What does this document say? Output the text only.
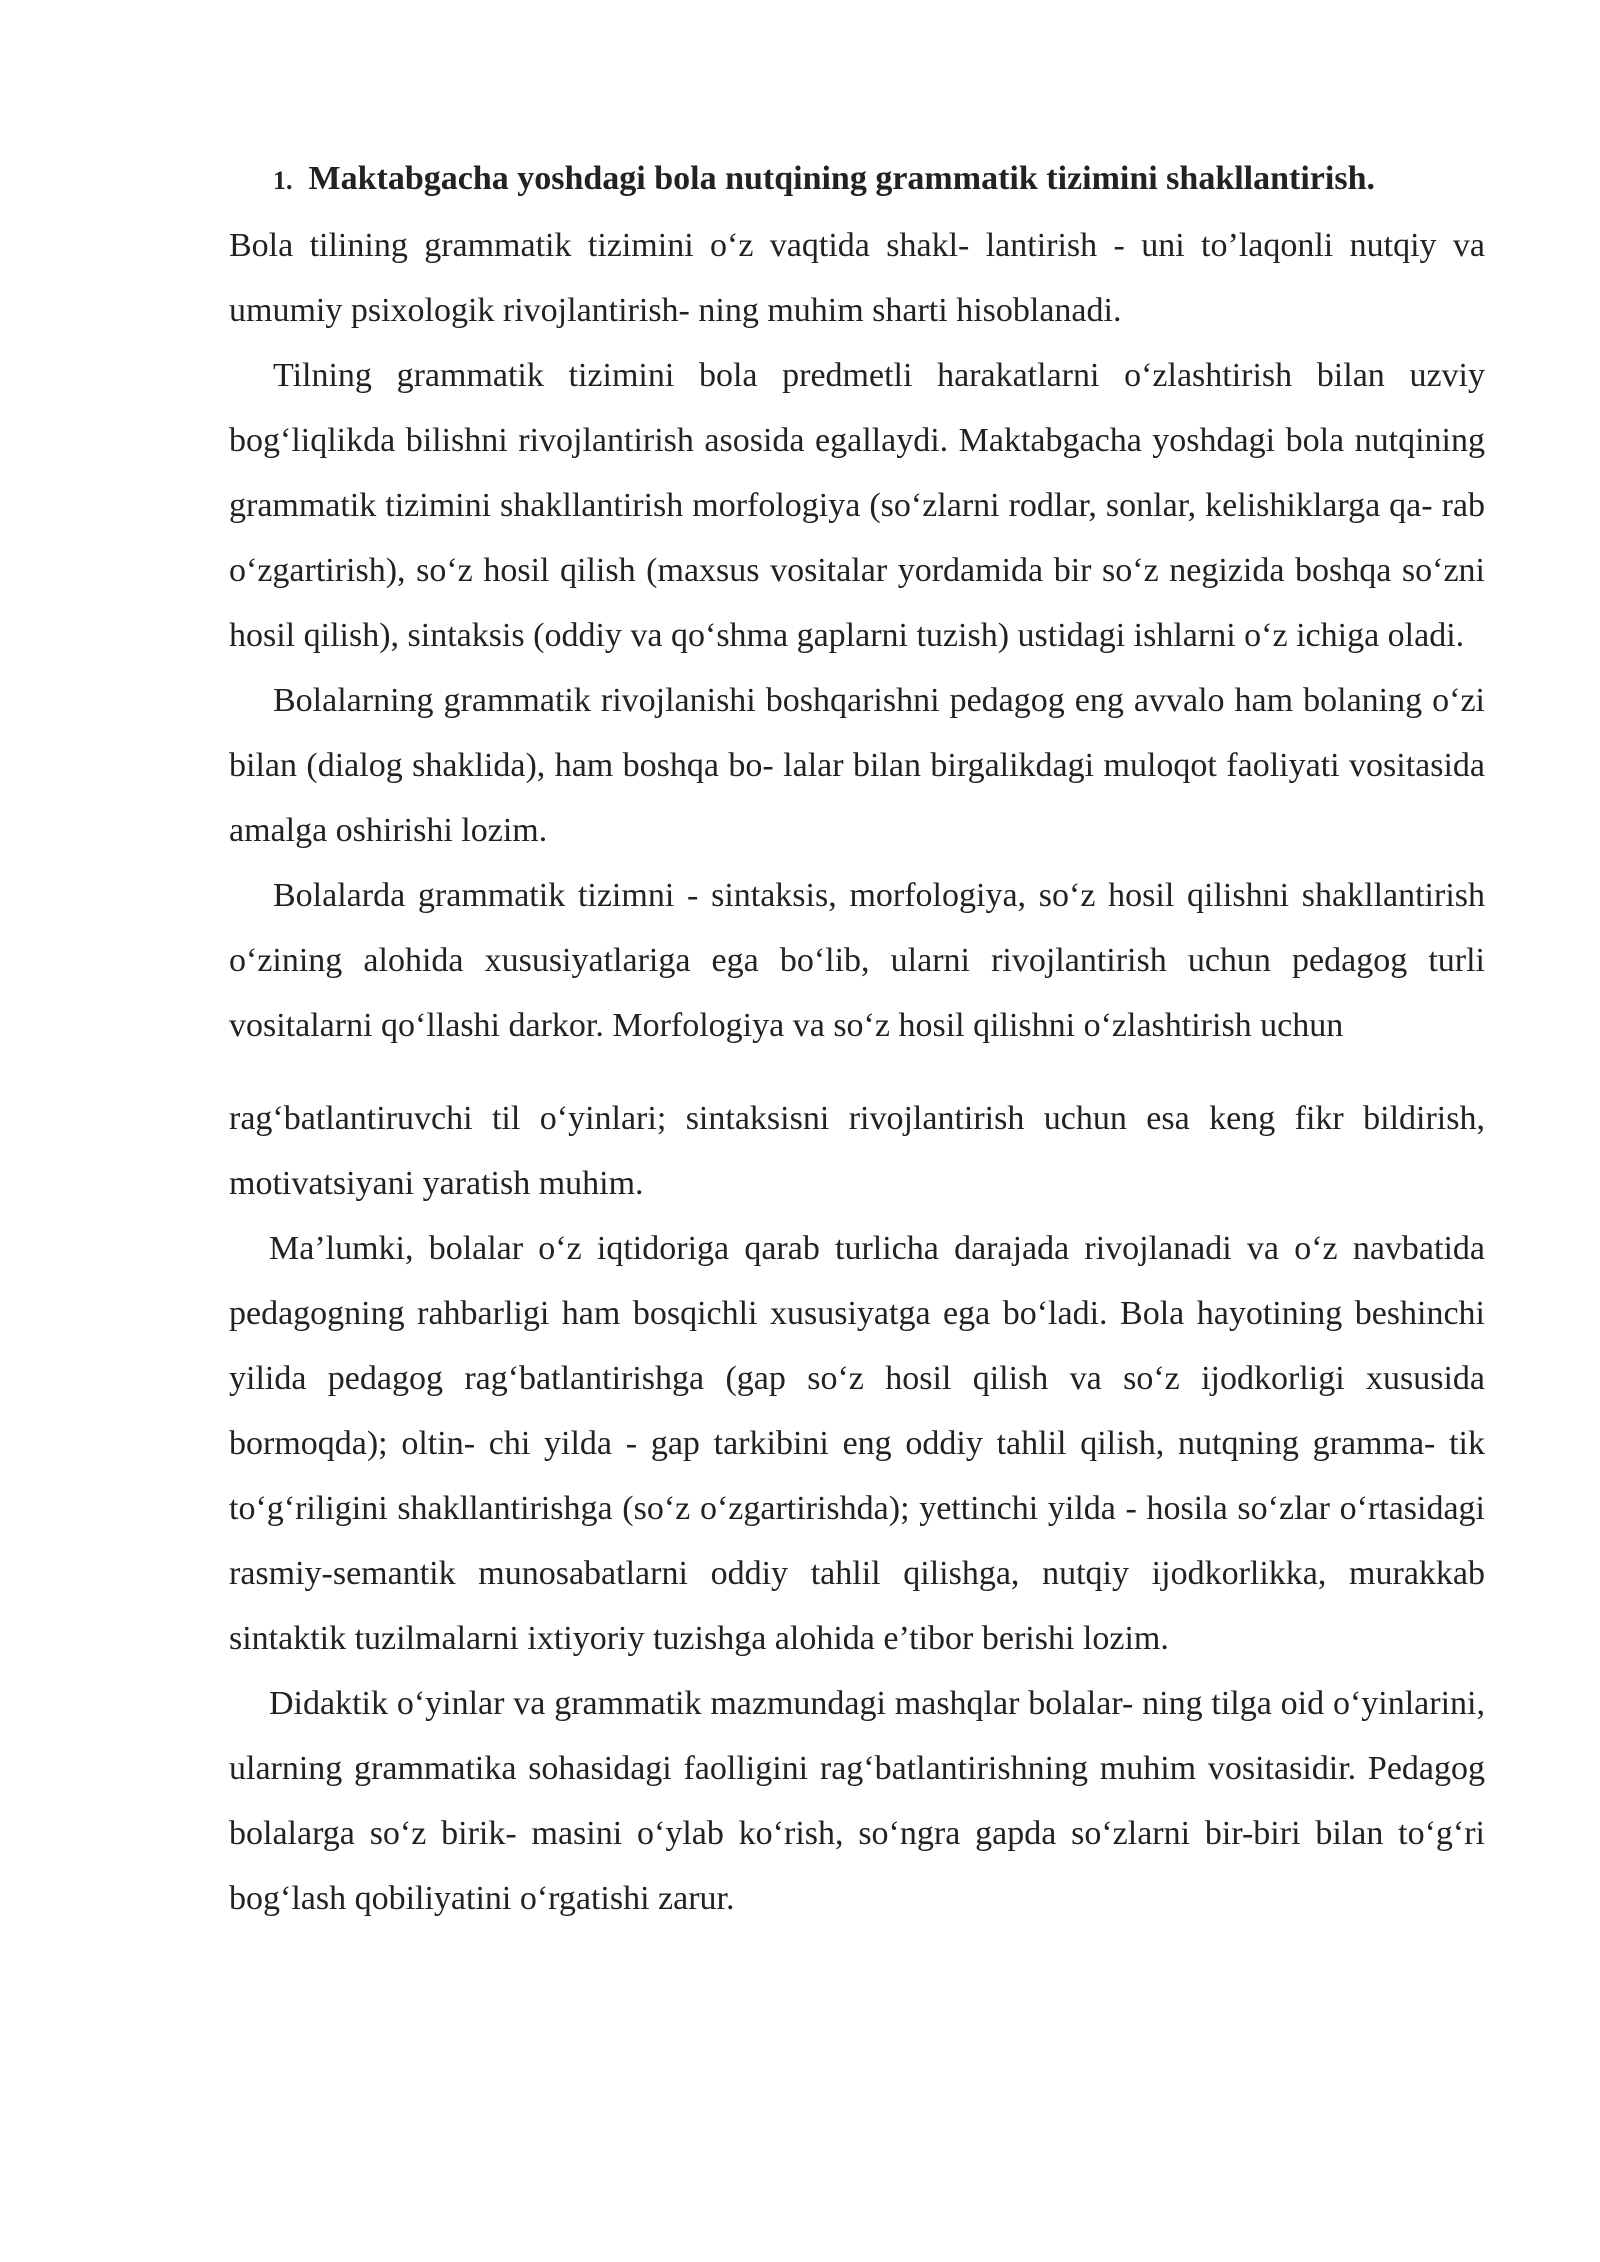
1. Maktabgacha yoshdagi bola nutqining grammatik tizimini shakllantirish.

Bola tilining grammatik tizimini o‘z vaqtida shakl- lantirish - uni to’laqonli nutqiy va umumiy psixologik rivojlantirish- ning muhim sharti hisoblanadi.

Tilning grammatik tizimini bola predmetli harakatlarni o‘zlashtirish bilan uzviy bog‘liqlikda bilishni rivojlantirish asosida egallaydi. Maktabgacha yoshdagi bola nutqining grammatik tizimini shakllantirish morfologiya (so‘zlarni rodlar, sonlar, kelishiklarga qa- rab o‘zgartirish), so‘z hosil qilish (maxsus vositalar yordamida bir so‘z negizida boshqa so‘zni hosil qilish), sintaksis (oddiy va qo‘shma gaplarni tuzish) ustidagi ishlarni o‘z ichiga oladi.

Bolalarning grammatik rivojlanishi boshqarishni pedagog eng avvalo ham bolaning o‘zi bilan (dialog shaklida), ham boshqa bo- lalar bilan birgalikdagi muloqot faoliyati vositasida amalga oshirishi lozim.

Bolalarda grammatik tizimni - sintaksis, morfologiya, so‘z hosil qilishni shakllantirish o‘zining alohida xususiyatlariga ega bo‘lib, ularni rivojlantirish uchun pedagog turli vositalarni qo‘llashi darkor. Morfologiya va so‘z hosil qilishni o‘zlashtirish uchun

rag‘batlantiruvchi til o‘yinlari; sintaksisni rivojlantirish uchun esa keng fikr bildirish, motivatsiyani yaratish muhim.

Ma’lumki, bolalar o‘z iqtidoriga qarab turlicha darajada rivojlanadi va o‘z navbatida pedagogning rahbarligi ham bosqichli xususiyatga ega bo‘ladi. Bola hayotining beshinchi yilida pedagog rag‘batlantirishga (gap so‘z hosil qilish va so‘z ijodkorligi xususida bormoqda); oltin- chi yilda - gap tarkibini eng oddiy tahlil qilish, nutqning gramma- tik to‘g‘riligini shakllantirishga (so‘z o‘zgartirishda); yettinchi yilda - hosila so‘zlar o‘rtasidagi rasmiy-semantik munosabatlarni oddiy tahlil qilishga, nutqiy ijodkorlikka, murakkab sintaktik tuzilmalarni ixtiyoriy tuzishga alohida e’tibor berishi lozim.

Didaktik o‘yinlar va grammatik mazmundagi mashqlar bolalar- ning tilga oid o‘yinlarini, ularning grammatika sohasidagi faolligini rag‘batlantirishning muhim vositasidir. Pedagog bolalarga so‘z birik- masini o‘ylab ko‘rish, so‘ngra gapda so‘zlarni bir-biri bilan to‘g‘ri bog‘lash qobiliyatini o‘rgatishi zarur.
